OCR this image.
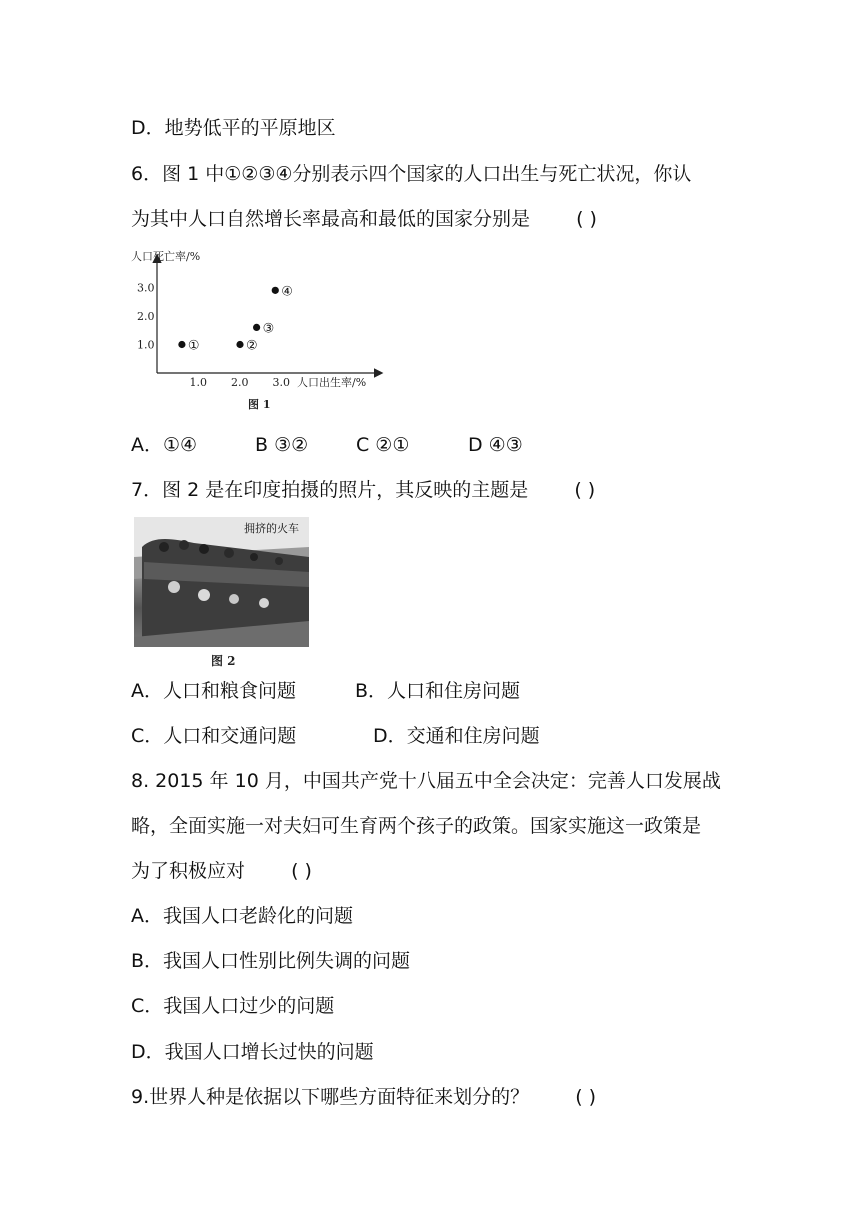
D．地势低平的平原地区
6．图 1 中①②③④分别表示四个国家的人口出生与死亡状况，你认
为其中人口自然增长率最高和最低的国家分别是 ( )
人口死亡率/%
人口出生率/%
1.0
2.0
3.0
1.0 2.0 3.0
①	②
③
④
图 1
A．①④	B ③②	C ②①	D ④③
7．图 2 是在印度拍摄的照片，其反映的主题是 ( )
拥挤的火车
图 2
A．人口和粮食问题	B．人口和住房问题
C．人口和交通问题	D．交通和住房问题
8. 2015 年 10 月，中国共产党十八届五中全会决定：完善人口发展战
略，全面实施一对夫妇可生育两个孩子的政策。国家实施这一政策是
为了积极应对 ( )
A．我国人口老龄化的问题
B．我国人口性别比例失调的问题
C．我国人口过少的问题
D．我国人口增长过快的问题
9.世界人种是依据以下哪些方面特征来划分的？ ( )
